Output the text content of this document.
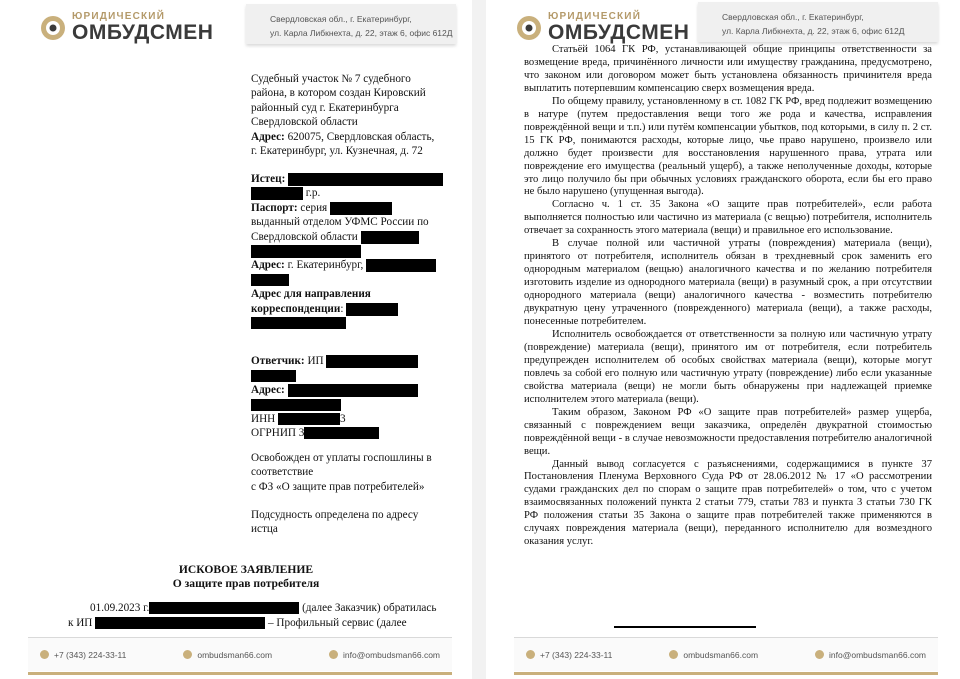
ЮРИДИЧЕСКИЙ
ОМБУДСМЕН
Свердловская обл., г. Екатеринбург,
ул. Карла Либкнехта, д. 22, этаж 6, офис 612Д

Судебный участок № 7 судебного

района, в котором создан Кировский

районный суд г. Екатеринбурга

Свердловской области

Адрес: 620075, Свердловская область,

г. Екатеринбург, ул. Кузнечная, д. 72

Истец:

г.р.

Паспорт: серия

выданный отделом УФМС России по

Свердловской области

Адрес: г. Екатеринбург,

Адрес для направления

корреспонденции:

Ответчик: ИП

Адрес:

ИНН	3

ОГРНИП 3

Освобожден от уплаты госпошлины в

соответствие

с ФЗ «О защите прав потребителей»

Подсудность определена по адресу

истца

ИСКОВОЕ ЗАЯВЛЕНИЕ
О защите прав потребителя
01.09.2023 г.	(далее Заказчик) обратилась
к ИП	– Профильный сервис (далее
+7 (343) 224-33-11	ombudsman66.com	info@ombudsman66.com
ЮРИДИЧЕСКИЙ
ОМБУДСМЕН
Свердловская обл., г. Екатеринбург,
ул. Карла Либкнехта, д. 22, этаж 6, офис 612Д

Статьёй 1064 ГК РФ, устанавливающей общие принципы ответственности за возмещение вреда, причинённого личности или имуществу гражданина, предусмотрено, что законом или договором может быть установлена обязанность причинителя вреда выплатить потерпевшим компенсацию сверх возмещения вреда.

По общему правилу, установленному в ст. 1082 ГК РФ, вред подлежит возмещению в натуре (путем предоставления вещи того же рода и качества, исправления повреждённой вещи и т.п.) или путём компенсации убытков, под которыми, в силу п. 2 ст. 15 ГК РФ, понимаются расходы, которые лицо, чье право нарушено, произвело или должно будет произвести для восстановления нарушенного права, утрата или повреждение его имущества (реальный ущерб), а также неполученные доходы, которые это лицо получило бы при обычных условиях гражданского оборота, если бы его право не было нарушено (упущенная выгода).

Согласно ч. 1 ст. 35 Закона «О защите прав потребителей», если работа выполняется полностью или частично из материала (с вещью) потребителя, исполнитель отвечает за сохранность этого материала (вещи) и правильное его использование.

В случае полной или частичной утраты (повреждения) материала (вещи), принятого от потребителя, исполнитель обязан в трехдневный срок заменить его однородным материалом (вещью) аналогичного качества и по желанию потребителя изготовить изделие из однородного материала (вещи) в разумный срок, а при отсутствии однородного материала (вещи) аналогичного качества - возместить потребителю двукратную цену утраченного (поврежденного) материала (вещи), а также расходы, понесенные потребителем.

Исполнитель освобождается от ответственности за полную или частичную утрату (повреждение) материала (вещи), принятого им от потребителя, если потребитель предупрежден исполнителем об особых свойствах материала (вещи), которые могут повлечь за собой его полную или частичную утрату (повреждение) либо если указанные свойства материала (вещи) не могли быть обнаружены при надлежащей приемке исполнителем этого материала (вещи).

Таким образом, Законом РФ «О защите прав потребителей» размер ущерба, связанный с повреждением вещи заказчика, определён двукратной стоимостью повреждённой вещи - в случае невозможности предоставления потребителю аналогичной вещи.

Данный вывод согласуется с разъяснениями, содержащимися в пункте 37 Постановления Пленума Верховного Суда РФ от 28.06.2012 № 17 «О рассмотрении судами гражданских дел по спорам о защите прав потребителей» о том, что с учетом взаимосвязанных положений пункта 2 статьи 779, статьи 783 и пункта 3 статьи 730 ГК РФ положения статьи 35 Закона о защите прав потребителей также применяются в случаях повреждения материала (вещи), переданного исполнителю для возмездного оказания услуг.

+7 (343) 224-33-11	ombudsman66.com	info@ombudsman66.com
